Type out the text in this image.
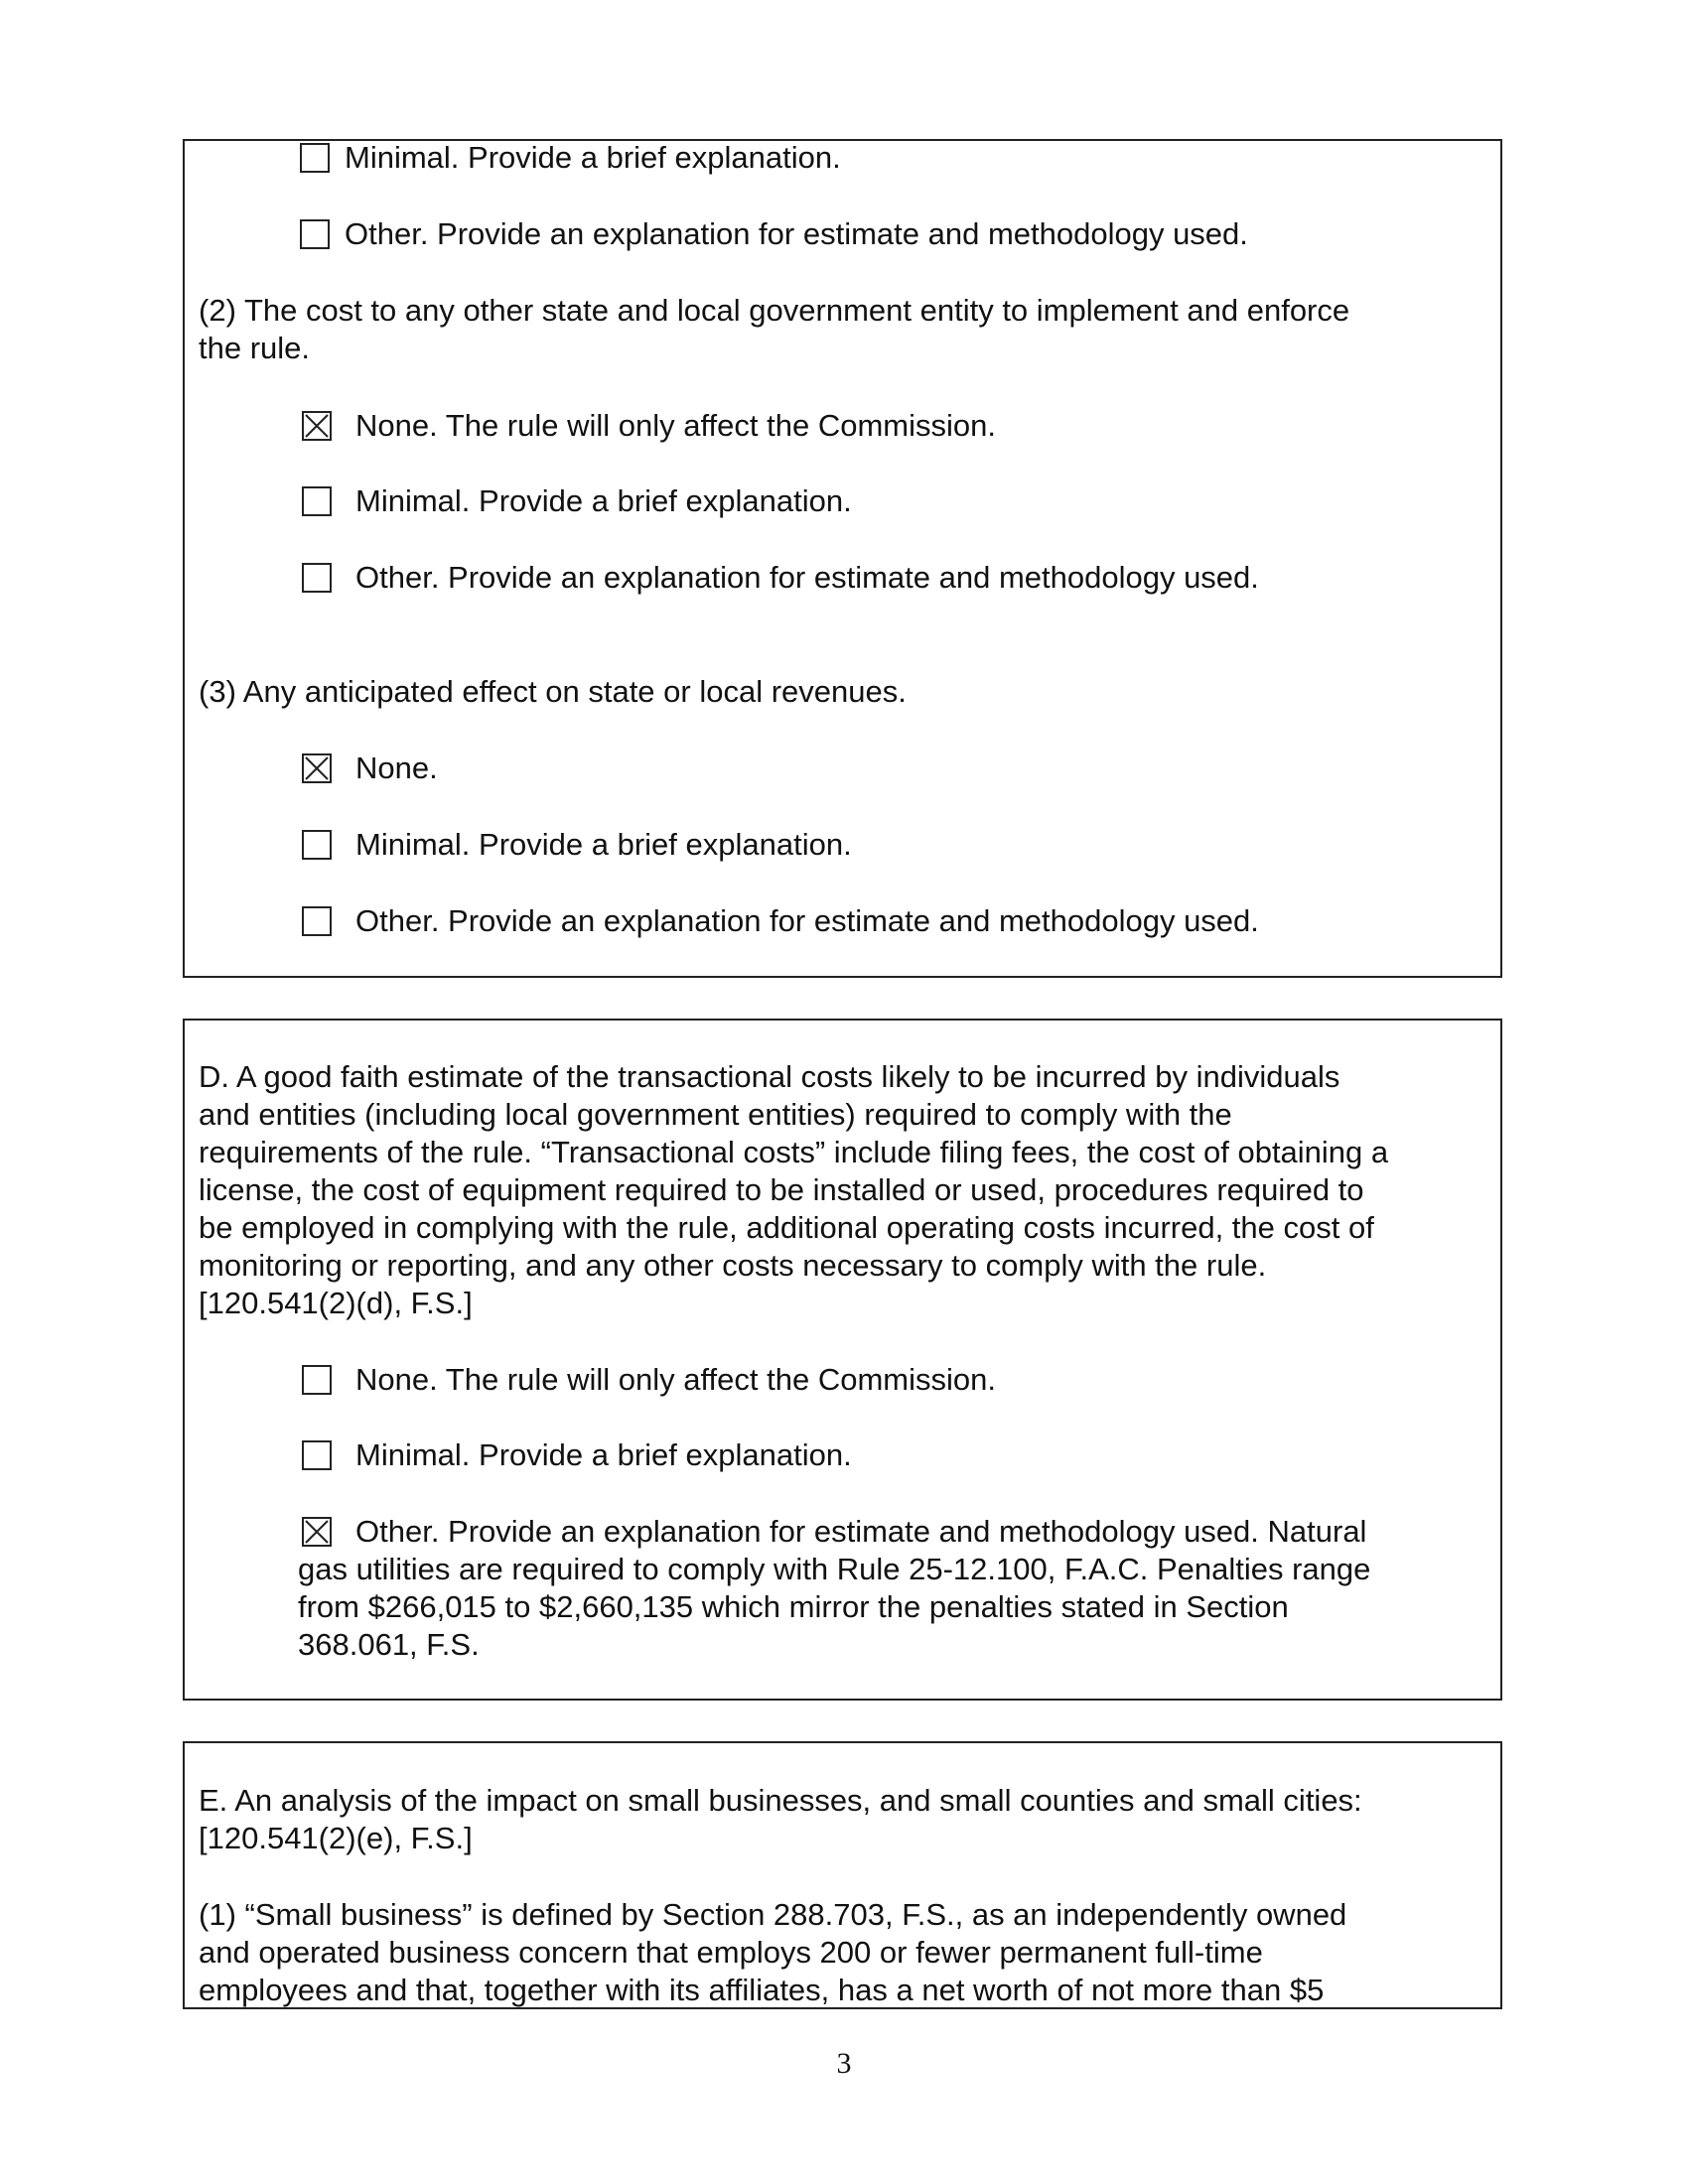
Minimal. Provide a brief explanation.
Other. Provide an explanation for estimate and methodology used.
(2) The cost to any other state and local government entity to implement and enforce
the rule.
None. The rule will only affect the Commission.
Minimal. Provide a brief explanation.
Other. Provide an explanation for estimate and methodology used.
(3) Any anticipated effect on state or local revenues.
None.
Minimal. Provide a brief explanation.
Other. Provide an explanation for estimate and methodology used.
D. A good faith estimate of the transactional costs likely to be incurred by individuals
and entities (including local government entities) required to comply with the
requirements of the rule. “Transactional costs” include filing fees, the cost of obtaining a
license, the cost of equipment required to be installed or used, procedures required to
be employed in complying with the rule, additional operating costs incurred, the cost of
monitoring or reporting, and any other costs necessary to comply with the rule.
[120.541(2)(d), F.S.]
None. The rule will only affect the Commission.
Minimal. Provide a brief explanation.
Other. Provide an explanation for estimate and methodology used. Natural
gas utilities are required to comply with Rule 25-12.100, F.A.C. Penalties range
from $266,015 to $2,660,135 which mirror the penalties stated in Section
368.061, F.S.
E. An analysis of the impact on small businesses, and small counties and small cities:
[120.541(2)(e), F.S.]
(1) “Small business” is defined by Section 288.703, F.S., as an independently owned
and operated business concern that employs 200 or fewer permanent full-time
employees and that, together with its affiliates, has a net worth of not more than $5
3
